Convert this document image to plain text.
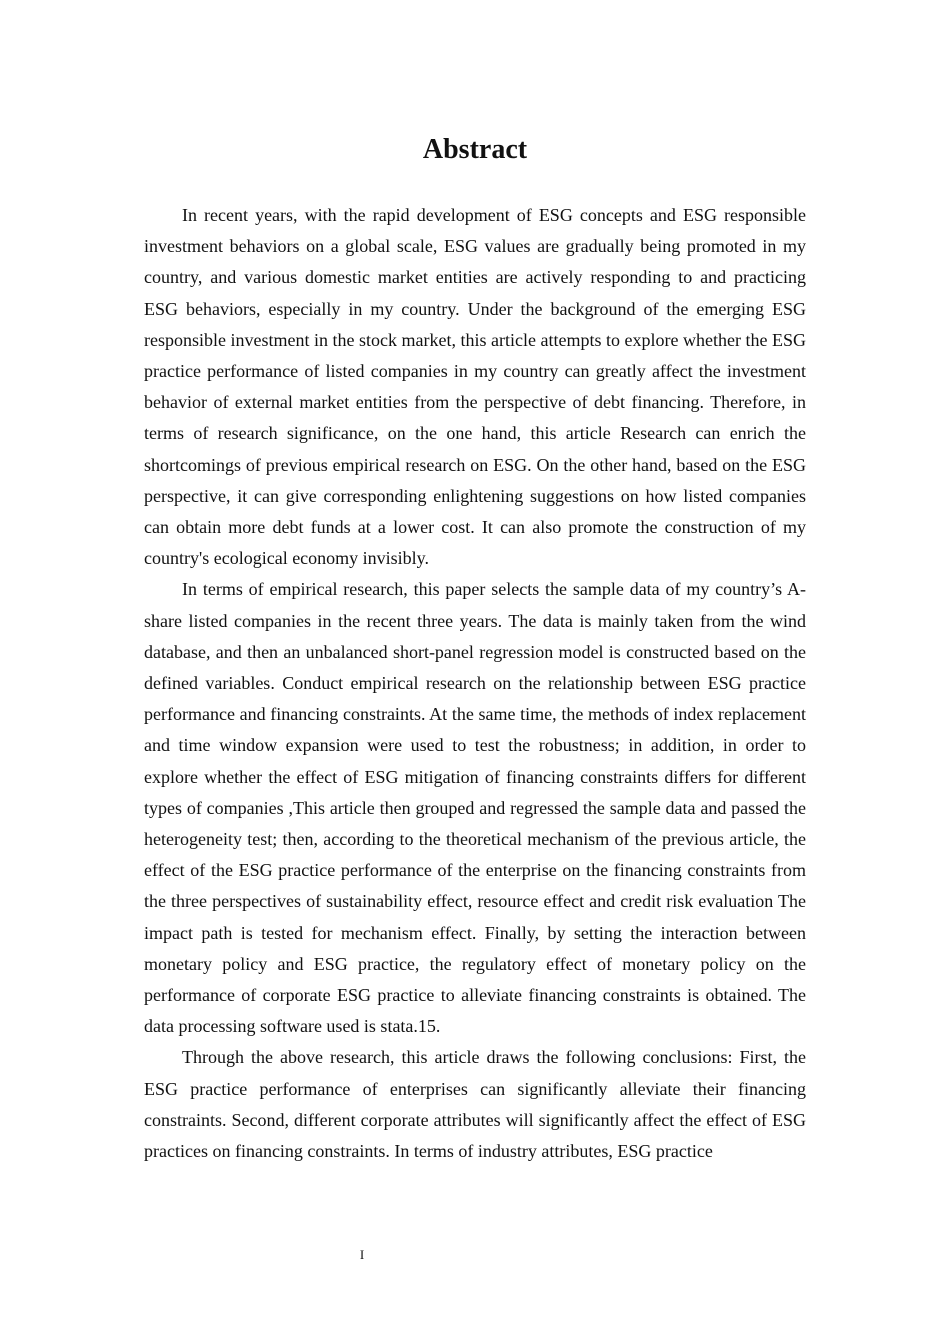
Abstract

In recent years, with the rapid development of ESG concepts and ESG responsible investment behaviors on a global scale, ESG values are gradually being promoted in my country, and various domestic market entities are actively responding to and practicing ESG behaviors, especially in my country. Under the background of the emerging ESG responsible investment in the stock market, this article attempts to explore whether the ESG practice performance of listed companies in my country can greatly affect the investment behavior of external market entities from the perspective of debt financing. Therefore, in terms of research significance, on the one hand, this article Research can enrich the shortcomings of previous empirical research on ESG. On the other hand, based on the ESG perspective, it can give corresponding enlightening suggestions on how listed companies can obtain more debt funds at a lower cost. It can also promote the construction of my country's ecological economy invisibly.

In terms of empirical research, this paper selects the sample data of my country’s A-share listed companies in the recent three years. The data is mainly taken from the wind database, and then an unbalanced short-panel regression model is constructed based on the defined variables. Conduct empirical research on the relationship between ESG practice performance and financing constraints. At the same time, the methods of index replacement and time window expansion were used to test the robustness; in addition, in order to explore whether the effect of ESG mitigation of financing constraints differs for different types of companies ,This article then grouped and regressed the sample data and passed the heterogeneity test; then, according to the theoretical mechanism of the previous article, the effect of the ESG practice performance of the enterprise on the financing constraints from the three perspectives of sustainability effect, resource effect and credit risk evaluation The impact path is tested for mechanism effect. Finally, by setting the interaction between monetary policy and ESG practice, the regulatory effect of monetary policy on the performance of corporate ESG practice to alleviate financing constraints is obtained. The data processing software used is stata.15.

Through the above research, this article draws the following conclusions: First, the ESG practice performance of enterprises can significantly alleviate their financing constraints. Second, different corporate attributes will significantly affect the effect of ESG practices on financing constraints. In terms of industry attributes, ESG practice

I
